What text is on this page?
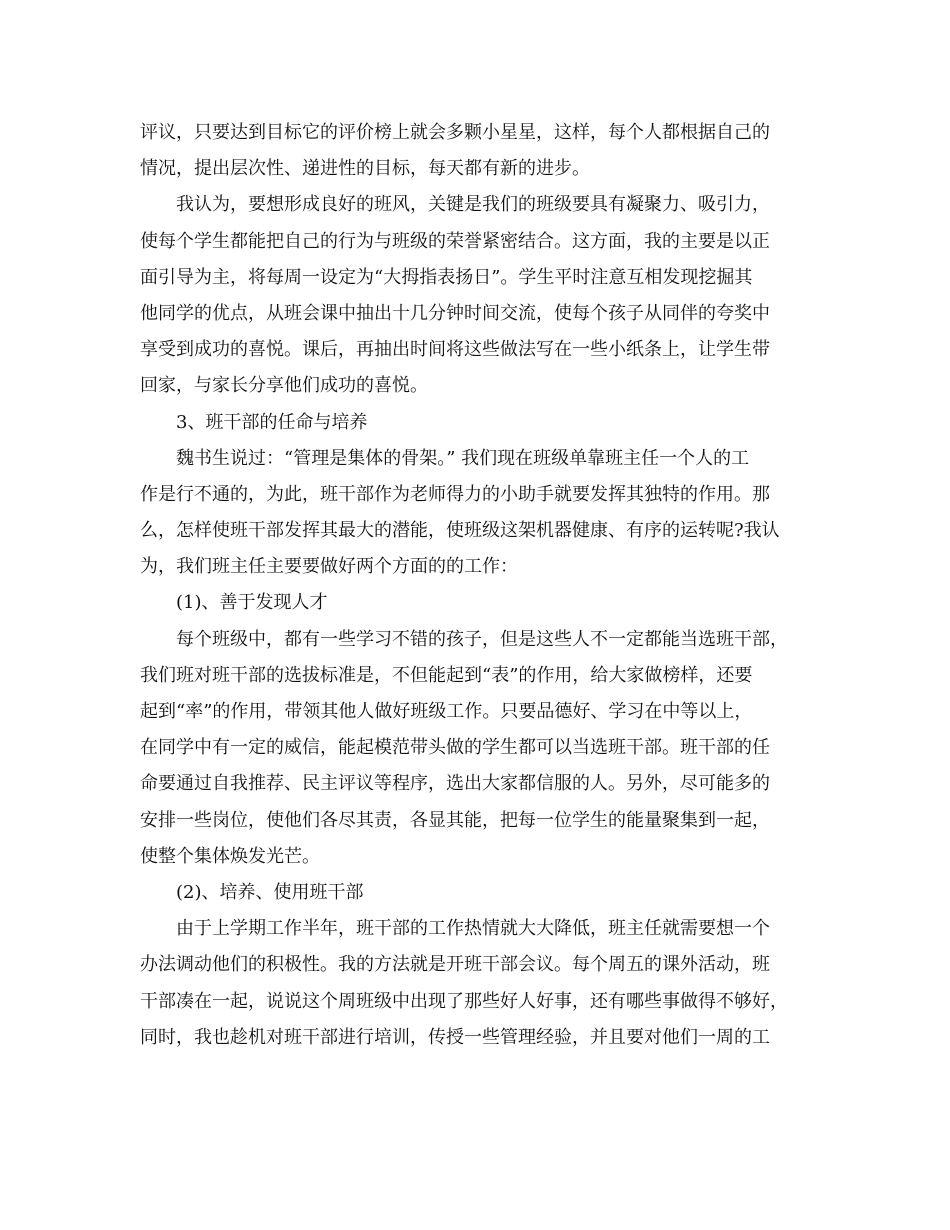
评议，只要达到目标它的评价榜上就会多颗小星星，这样，每个人都根据自己的
情况，提出层次性、递进性的目标，每天都有新的进步。
我认为，要想形成良好的班风，关键是我们的班级要具有凝聚力、吸引力，
使每个学生都能把自己的行为与班级的荣誉紧密结合。这方面，我的主要是以正
面引导为主，将每周一设定为“大拇指表扬日”。学生平时注意互相发现挖掘其
他同学的优点，从班会课中抽出十几分钟时间交流，使每个孩子从同伴的夸奖中
享受到成功的喜悦。课后，再抽出时间将这些做法写在一些小纸条上，让学生带
回家，与家长分享他们成功的喜悦。
3、班干部的任命与培养
魏书生说过：“管理是集体的骨架。” 我们现在班级单靠班主任一个人的工
作是行不通的，为此，班干部作为老师得力的小助手就要发挥其独特的作用。那
么，怎样使班干部发挥其最大的潜能，使班级这架机器健康、有序的运转呢?我认
为，我们班主任主要要做好两个方面的的工作：
(1)、善于发现人才
每个班级中，都有一些学习不错的孩子，但是这些人不一定都能当选班干部，
我们班对班干部的选拔标准是，不但能起到“表”的作用，给大家做榜样，还要
起到“率”的作用，带领其他人做好班级工作。只要品德好、学习在中等以上，
在同学中有一定的威信，能起模范带头做的学生都可以当选班干部。班干部的任
命要通过自我推荐、民主评议等程序，选出大家都信服的人。另外，尽可能多的
安排一些岗位，使他们各尽其责，各显其能，把每一位学生的能量聚集到一起，
使整个集体焕发光芒。
(2)、培养、使用班干部
由于上学期工作半年，班干部的工作热情就大大降低，班主任就需要想一个
办法调动他们的积极性。我的方法就是开班干部会议。每个周五的课外活动，班
干部凑在一起，说说这个周班级中出现了那些好人好事，还有哪些事做得不够好，
同时，我也趁机对班干部进行培训，传授一些管理经验，并且要对他们一周的工
